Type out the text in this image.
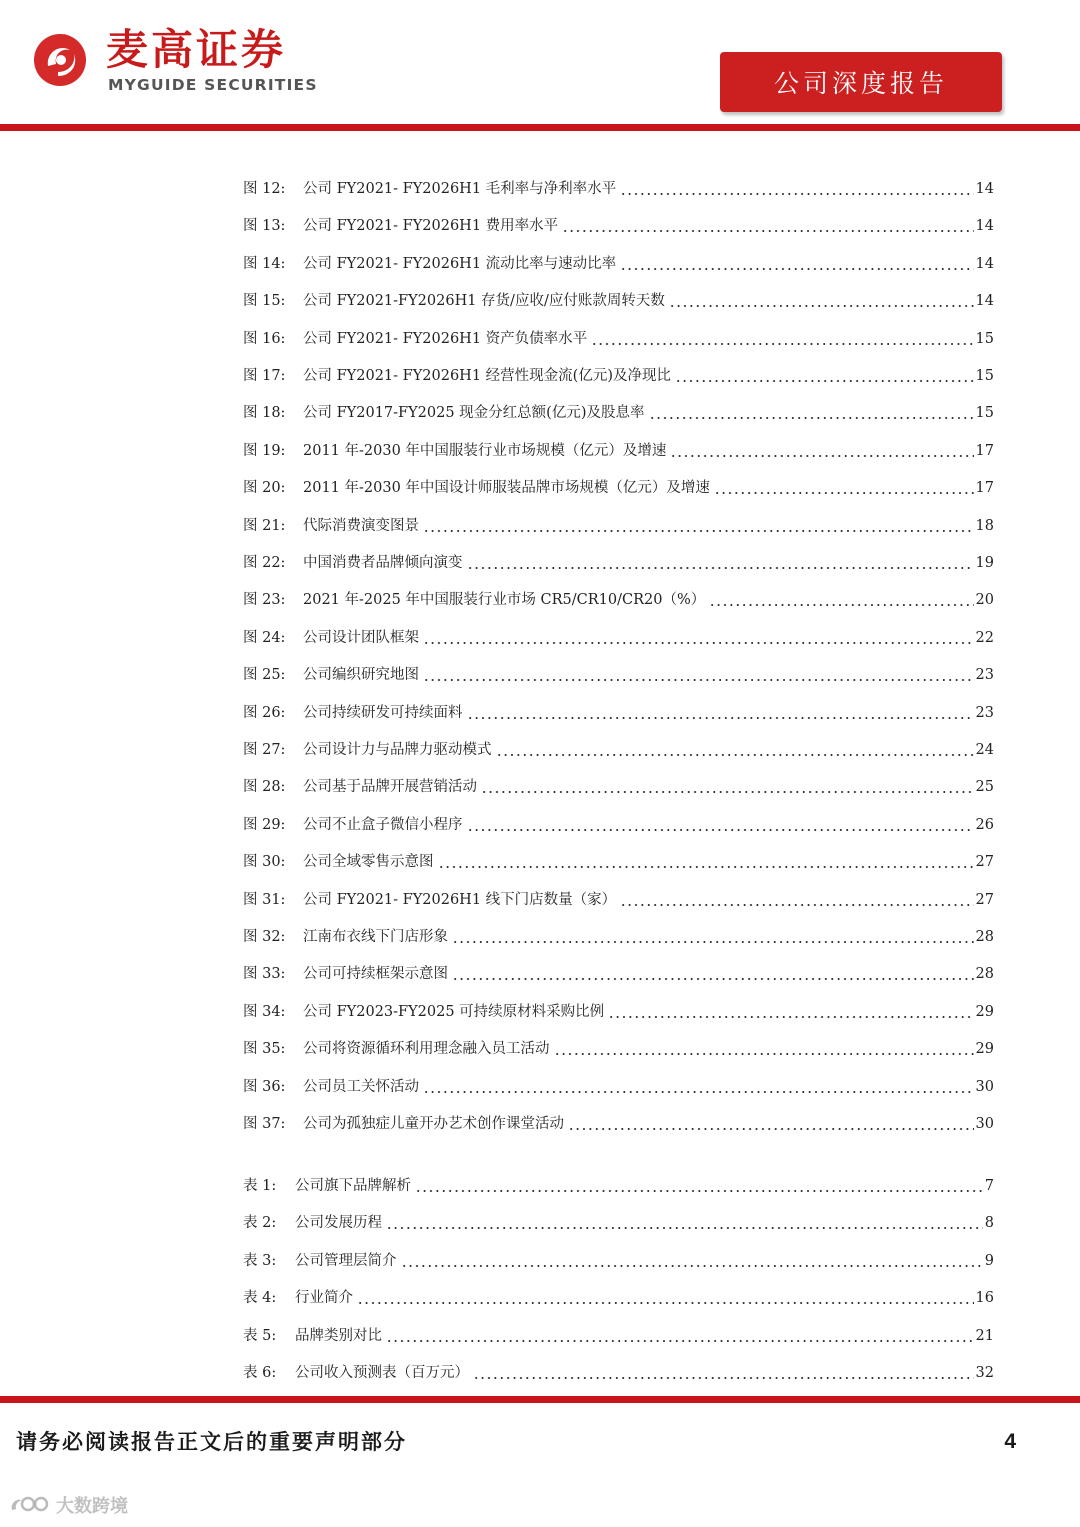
麦高证券
MYGUIDE SECURITIES	公司深度报告
图 12:	公司 FY2021- FY2026H1 毛利率与净利率水平	14
图 13:	公司 FY2021- FY2026H1 费用率水平	14
图 14:	公司 FY2021- FY2026H1 流动比率与速动比率	14
图 15:	公司 FY2021-FY2026H1 存货/应收/应付账款周转天数	14
图 16:	公司 FY2021- FY2026H1 资产负债率水平	15
图 17:	公司 FY2021- FY2026H1 经营性现金流(亿元)及净现比	15
图 18:	公司 FY2017-FY2025 现金分红总额(亿元)及股息率	15
图 19:	2011 年-2030 年中国服装行业市场规模（亿元）及增速	17
图 20:	2011 年-2030 年中国设计师服装品牌市场规模（亿元）及增速	17
图 21:	代际消费演变图景	18
图 22:	中国消费者品牌倾向演变	19
图 23:	2021 年-2025 年中国服装行业市场 CR5/CR10/CR20（%）	20
图 24:	公司设计团队框架	22
图 25:	公司编织研究地图	23
图 26:	公司持续研发可持续面料	23
图 27:	公司设计力与品牌力驱动模式	24
图 28:	公司基于品牌开展营销活动	25
图 29:	公司不止盒子微信小程序	26
图 30:	公司全域零售示意图	27
图 31:	公司 FY2021- FY2026H1 线下门店数量（家）	27
图 32:	江南布衣线下门店形象	28
图 33:	公司可持续框架示意图	28
图 34:	公司 FY2023-FY2025 可持续原材料采购比例	29
图 35:	公司将资源循环利用理念融入员工活动	29
图 36:	公司员工关怀活动	30
图 37:	公司为孤独症儿童开办艺术创作课堂活动	30
表 1:	公司旗下品牌解析	7
表 2:	公司发展历程	8
表 3:	公司管理层简介	9
表 4:	行业简介	16
表 5:	品牌类别对比	21
表 6:	公司收入预测表（百万元）	32
请务必阅读报告正文后的重要声明部分	4
大数跨境
